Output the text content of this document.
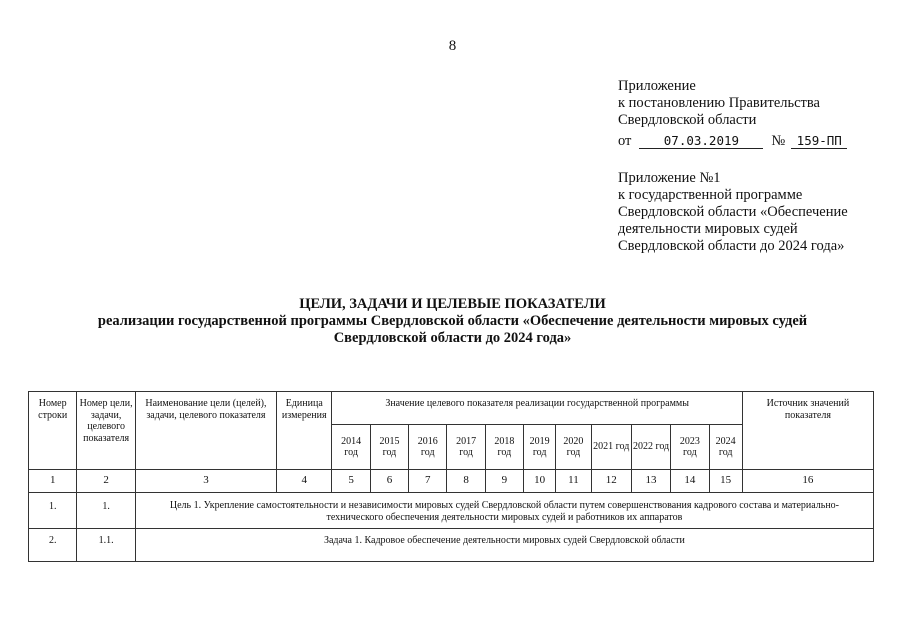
8
Приложение
к постановлению Правительства
Свердловской области
от	07.03.2019	№ 159-ПП
Приложение №1
к государственной программе
Свердловской области «Обеспечение
деятельности мировых судей
Свердловской области до 2024 года»
ЦЕЛИ, ЗАДАЧИ И ЦЕЛЕВЫЕ ПОКАЗАТЕЛИ
реализации государственной программы Свердловской области «Обеспечение деятельности мировых судей
Свердловской области до 2024 года»
Номер строки	Номер цели, задачи, целевого показателя	Наименование цели (целей), задачи, целевого показателя	Единица измерения	Значение целевого показателя реализации государственной программы											Источник значений показателя
				2014 год	2015 год	2016 год	2017 год	2018 год	2019 год	2020 год	2021 год	2022 год	2023 год	2024 год	
1	2	3	4	5	6	7	8	9	10	11	12	13	14	15	16
1.	1.	Цель 1. Укрепление самостоятельности и независимости мировых судей Свердловской области путем совершенствования кадрового состава и материально-технического обеспечения деятельности мировых судей и работников их аппаратов													
2.	1.1.	Задача 1. Кадровое обеспечение деятельности мировых судей Свердловской области													
